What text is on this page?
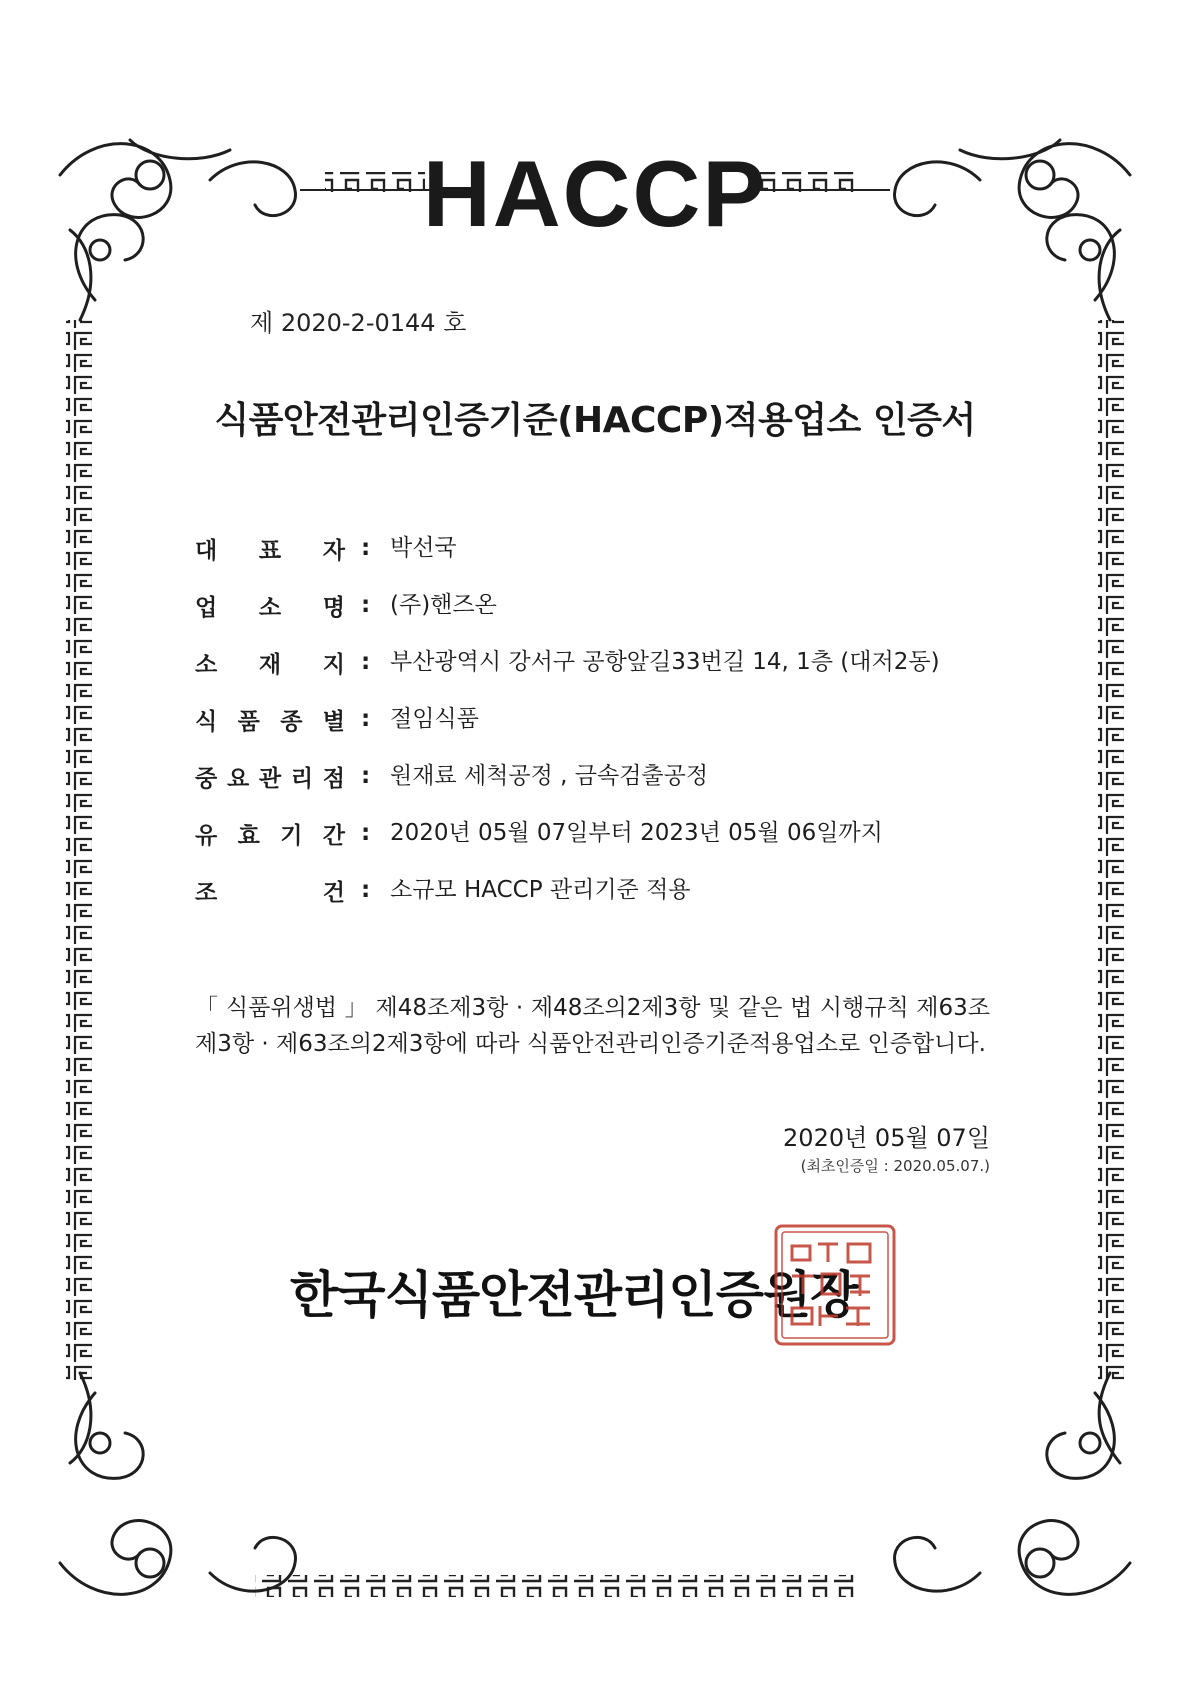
HACCP
제 2020-2-0144 호
식품안전관리인증기준(HACCP)적용업소 인증서
대 표 자 : 박선국
업 소 명 : (주)핸즈온
소 재 지 : 부산광역시 강서구 공항앞길33번길 14, 1층 (대저2동)
식 품 종 별 : 절임식품
중 요 관 리 점 : 원재료 세척공정 , 금속검출공정
유 효 기 간 : 2020년 05월 07일부터 2023년 05월 06일까지
조	건 : 소규모 HACCP 관리기준 적용
「 식품위생법 」 제48조제3항 · 제48조의2제3항 및 같은 법 시행규칙 제63조제3항 · 제63조의2제3항에 따라 식품안전관리인증기준적용업소로 인증합니다.
2020년 05월 07일
(최초인증일 : 2020.05.07.)
한국식품안전관리인증원장
